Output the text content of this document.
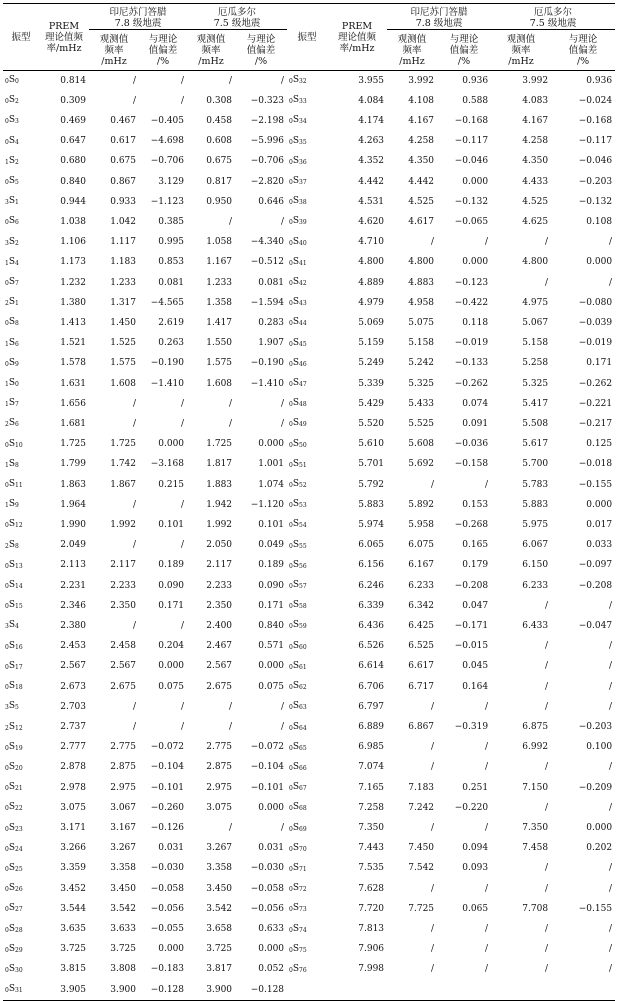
振型	PREM
理论值频
率/mHz	印尼苏门答腊
7.8 级地震		厄瓜多尔
7.5 级地震		振型	PREM
理论值频
率/mHz	印尼苏门答腊
7.8 级地震		厄瓜多尔
7.5 级地震	
		观测值
频率
/mHz	与理论
值偏差
/%	观测值
频率
/mHz	与理论
值偏差
/%			观测值
频率
/mHz	与理论
值偏差
/%	观测值
频率
/mHz	与理论
值偏差
/%
$_0S_0$	0.814	/	/	/	/	$_0S_{32}$	3.955	3.992	0.936	3.992	0.936
$_0S_2$	0.309	/	/	0.308	−0.323	$_0S_{33}$	4.084	4.108	0.588	4.083	−0.024
$_0S_3$	0.469	0.467	−0.405	0.458	−2.198	$_0S_{34}$	4.174	4.167	−0.168	4.167	−0.168
$_0S_4$	0.647	0.617	−4.698	0.608	−5.996	$_0S_{35}$	4.263	4.258	−0.117	4.258	−0.117
$_1S_2$	0.680	0.675	−0.706	0.675	−0.706	$_0S_{36}$	4.352	4.350	−0.046	4.350	−0.046
$_0S_5$	0.840	0.867	3.129	0.817	−2.820	$_0S_{37}$	4.442	4.442	0.000	4.433	−0.203
$_3S_1$	0.944	0.933	−1.123	0.950	0.646	$_0S_{38}$	4.531	4.525	−0.132	4.525	−0.132
$_0S_6$	1.038	1.042	0.385	/	/	$_0S_{39}$	4.620	4.617	−0.065	4.625	0.108
$_3S_2$	1.106	1.117	0.995	1.058	−4.340	$_0S_{40}$	4.710	/	/	/	/
$_1S_4$	1.173	1.183	0.853	1.167	−0.512	$_0S_{41}$	4.800	4.800	0.000	4.800	0.000
$_0S_7$	1.232	1.233	0.081	1.233	0.081	$_0S_{42}$	4.889	4.883	−0.123	/	/
$_2S_1$	1.380	1.317	−4.565	1.358	−1.594	$_0S_{43}$	4.979	4.958	−0.422	4.975	−0.080
$_0S_8$	1.413	1.450	2.619	1.417	0.283	$_0S_{44}$	5.069	5.075	0.118	5.067	−0.039
$_1S_6$	1.521	1.525	0.263	1.550	1.907	$_0S_{45}$	5.159	5.158	−0.019	5.158	−0.019
$_0S_9$	1.578	1.575	−0.190	1.575	−0.190	$_0S_{46}$	5.249	5.242	−0.133	5.258	0.171
$_1S_0$	1.631	1.608	−1.410	1.608	−1.410	$_0S_{47}$	5.339	5.325	−0.262	5.325	−0.262
$_1S_7$	1.656	/	/	/	/	$_0S_{48}$	5.429	5.433	0.074	5.417	−0.221
$_2S_6$	1.681	/	/	/	/	$_0S_{49}$	5.520	5.525	0.091	5.508	−0.217
$_0S_{10}$	1.725	1.725	0.000	1.725	0.000	$_0S_{50}$	5.610	5.608	−0.036	5.617	0.125
$_1S_8$	1.799	1.742	−3.168	1.817	1.001	$_0S_{51}$	5.701	5.692	−0.158	5.700	−0.018
$_0S_{11}$	1.863	1.867	0.215	1.883	1.074	$_0S_{52}$	5.792	/	/	5.783	−0.155
$_1S_9$	1.964	/	/	1.942	−1.120	$_0S_{53}$	5.883	5.892	0.153	5.883	0.000
$_0S_{12}$	1.990	1.992	0.101	1.992	0.101	$_0S_{54}$	5.974	5.958	−0.268	5.975	0.017
$_2S_8$	2.049	/	/	2.050	0.049	$_0S_{55}$	6.065	6.075	0.165	6.067	0.033
$_0S_{13}$	2.113	2.117	0.189	2.117	0.189	$_0S_{56}$	6.156	6.167	0.179	6.150	−0.097
$_0S_{14}$	2.231	2.233	0.090	2.233	0.090	$_0S_{57}$	6.246	6.233	−0.208	6.233	−0.208
$_0S_{15}$	2.346	2.350	0.171	2.350	0.171	$_0S_{58}$	6.339	6.342	0.047	/	/
$_3S_4$	2.380	/	/	2.400	0.840	$_0S_{59}$	6.436	6.425	−0.171	6.433	−0.047
$_0S_{16}$	2.453	2.458	0.204	2.467	0.571	$_0S_{60}$	6.526	6.525	−0.015	/	/
$_0S_{17}$	2.567	2.567	0.000	2.567	0.000	$_0S_{61}$	6.614	6.617	0.045	/	/
$_0S_{18}$	2.673	2.675	0.075	2.675	0.075	$_0S_{62}$	6.706	6.717	0.164	/	/
$_3S_5$	2.703	/	/	/	/	$_0S_{63}$	6.797	/	/	/	/
$_2S_{12}$	2.737	/	/	/	/	$_0S_{64}$	6.889	6.867	−0.319	6.875	−0.203
$_0S_{19}$	2.777	2.775	−0.072	2.775	−0.072	$_0S_{65}$	6.985	/	/	6.992	0.100
$_0S_{20}$	2.878	2.875	−0.104	2.875	−0.104	$_0S_{66}$	7.074	/	/	/	/
$_0S_{21}$	2.978	2.975	−0.101	2.975	−0.101	$_0S_{67}$	7.165	7.183	0.251	7.150	−0.209
$_0S_{22}$	3.075	3.067	−0.260	3.075	0.000	$_0S_{68}$	7.258	7.242	−0.220	/	/
$_0S_{23}$	3.171	3.167	−0.126	/	/	$_0S_{69}$	7.350	/	/	7.350	0.000
$_0S_{24}$	3.266	3.267	0.031	3.267	0.031	$_0S_{70}$	7.443	7.450	0.094	7.458	0.202
$_0S_{25}$	3.359	3.358	−0.030	3.358	−0.030	$_0S_{71}$	7.535	7.542	0.093	/	/
$_0S_{26}$	3.452	3.450	−0.058	3.450	−0.058	$_0S_{72}$	7.628	/	/	/	/
$_0S_{27}$	3.544	3.542	−0.056	3.542	−0.056	$_0S_{73}$	7.720	7.725	0.065	7.708	−0.155
$_0S_{28}$	3.635	3.633	−0.055	3.658	0.633	$_0S_{74}$	7.813	/	/	/	/
$_0S_{29}$	3.725	3.725	0.000	3.725	0.000	$_0S_{75}$	7.906	/	/	/	/
$_0S_{30}$	3.815	3.808	−0.183	3.817	0.052	$_0S_{76}$	7.998	/	/	/	/
$_0S_{31}$	3.905	3.900	−0.128	3.900	−0.128						
